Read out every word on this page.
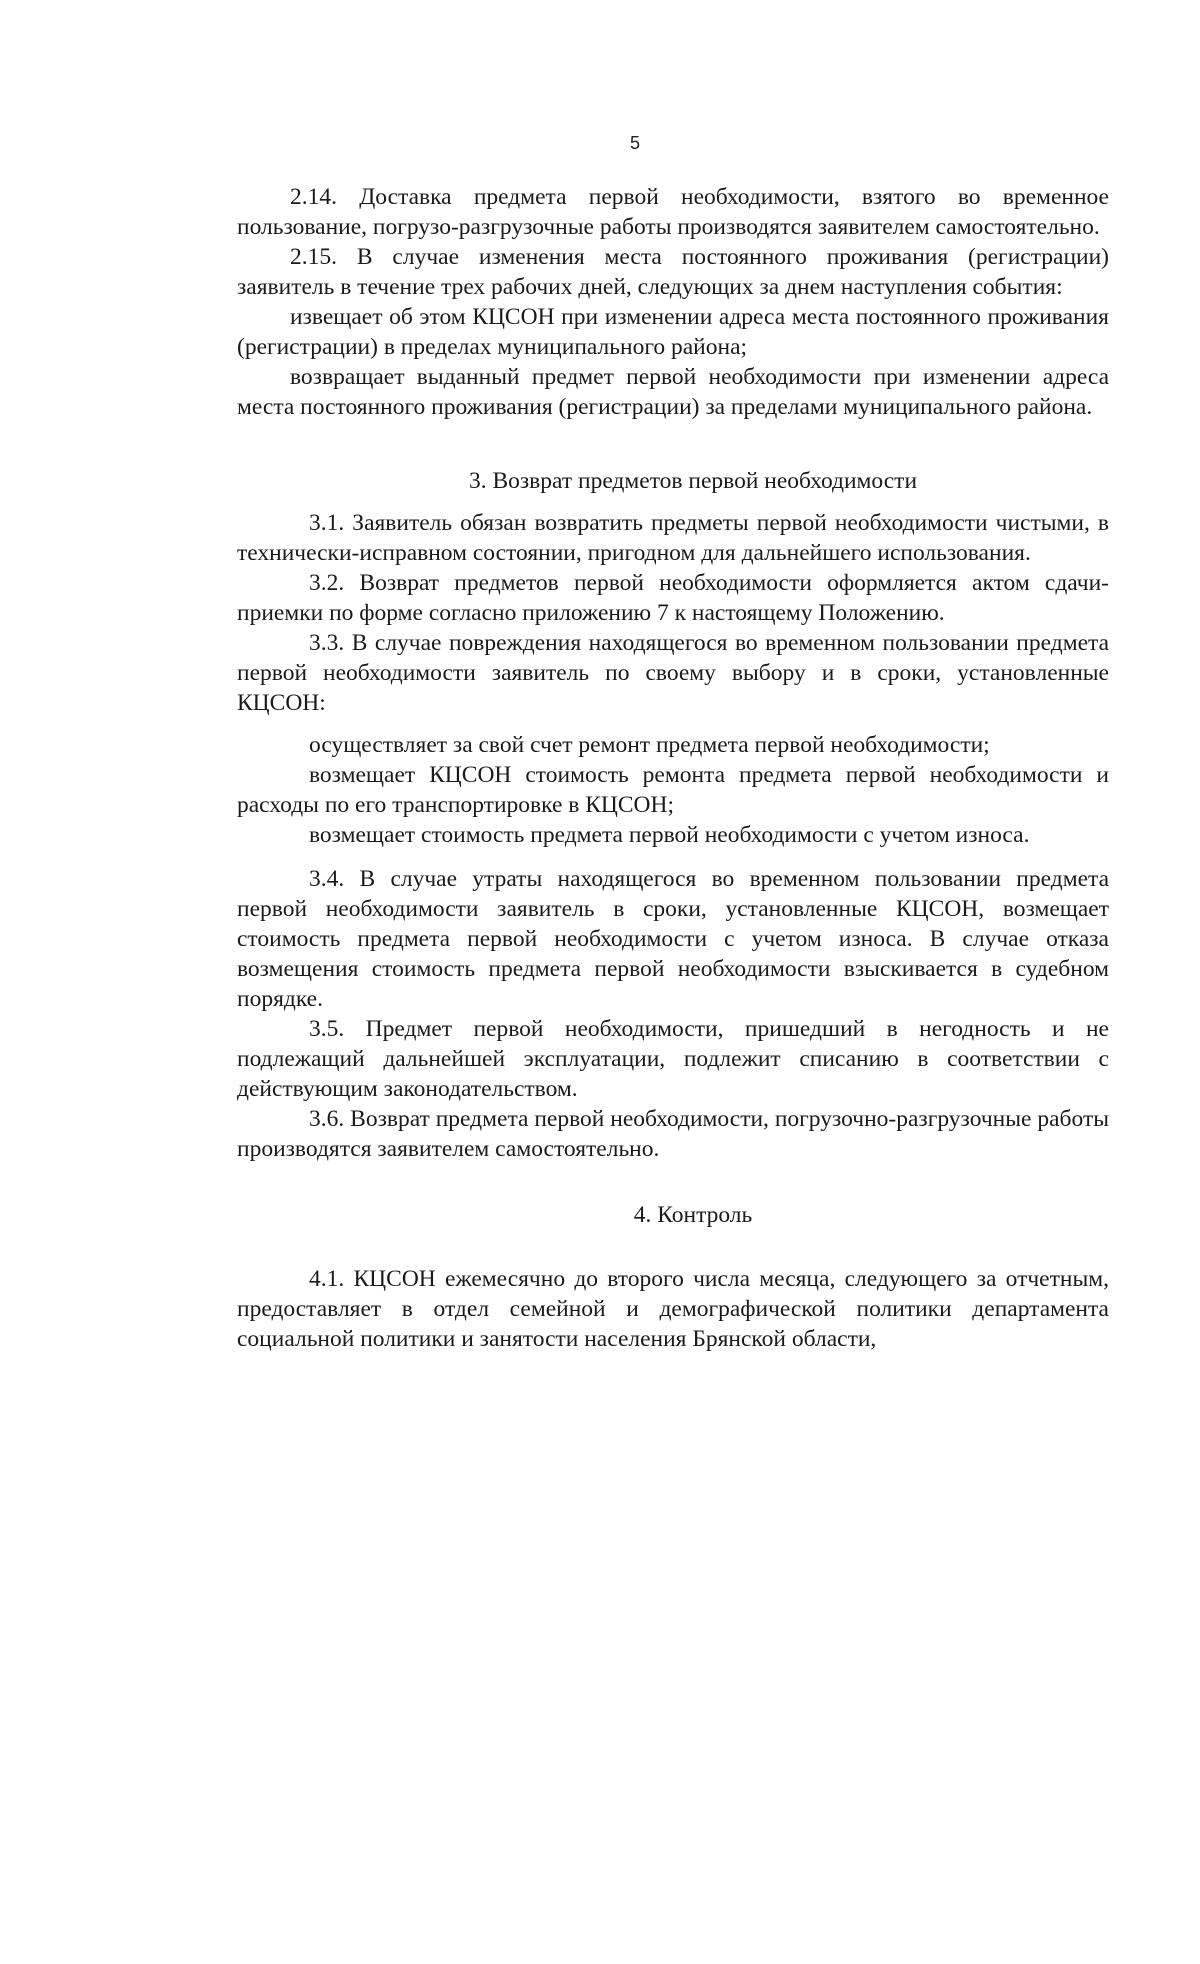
5

2.14. Доставка предмета первой необходимости, взятого во временное пользование, погрузо-разгрузочные работы производятся заявителем самостоятельно.

2.15. В случае изменения места постоянного проживания (регистрации) заявитель в течение трех рабочих дней, следующих за днем наступления события:

извещает об этом КЦСОН при изменении адреса места постоянного проживания (регистрации) в пределах муниципального района;

возвращает выданный предмет первой необходимости при изменении адреса места постоянного проживания (регистрации) за пределами муниципального района.

3. Возврат предметов первой необходимости

3.1. Заявитель обязан возвратить предметы первой необходимости чистыми, в технически-исправном состоянии, пригодном для дальнейшего использования.

3.2. Возврат предметов первой необходимости оформляется актом сдачи-приемки по форме согласно приложению 7 к настоящему Положению.

3.3. В случае повреждения находящегося во временном пользовании предмета первой необходимости заявитель по своему выбору и в сроки, установленные КЦСОН:

осуществляет за свой счет ремонт предмета первой необходимости;

возмещает КЦСОН стоимость ремонта предмета первой необходимости и расходы по его транспортировке в КЦСОН;

возмещает стоимость предмета первой необходимости с учетом износа.

3.4. В случае утраты находящегося во временном пользовании предмета первой необходимости заявитель в сроки, установленные КЦСОН, возмещает стоимость предмета первой необходимости с учетом износа. В случае отказа возмещения стоимость предмета первой необходимости взыскивается в судебном порядке.

3.5. Предмет первой необходимости, пришедший в негодность и не подлежащий дальнейшей эксплуатации, подлежит списанию в соответствии с действующим законодательством.

3.6. Возврат предмета первой необходимости, погрузочно-разгрузочные работы производятся заявителем самостоятельно.

4. Контроль

4.1. КЦСОН ежемесячно до второго числа месяца, следующего за отчетным, предоставляет в отдел семейной и демографической политики департамента социальной политики и занятости населения Брянской области,
